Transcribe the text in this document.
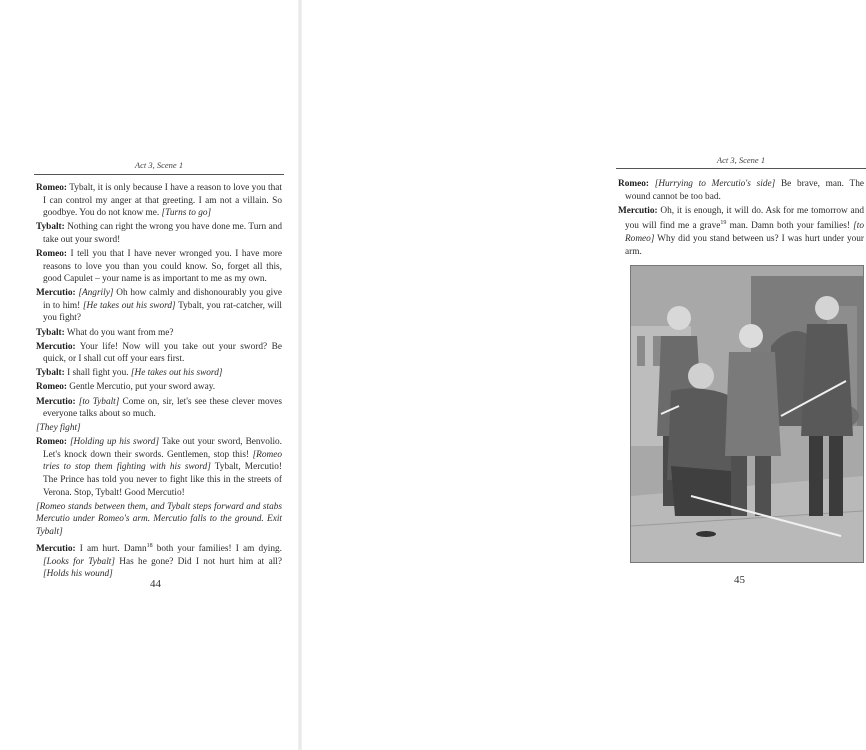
Act 3, Scene 1

Romeo: Tybalt, it is only because I have a reason to love you that I can control my anger at that greeting. I am not a villain. So goodbye. You do not know me. [Turns to go]

Tybalt: Nothing can right the wrong you have done me. Turn and take out your sword!

Romeo: I tell you that I have never wronged you. I have more reasons to love you than you could know. So, forget all this, good Capulet – your name is as important to me as my own.

Mercutio: [Angrily] Oh how calmly and dishonourably you give in to him! [He takes out his sword] Tybalt, you rat-catcher, will you fight?

Tybalt: What do you want from me?

Mercutio: Your life! Now will you take out your sword? Be quick, or I shall cut off your ears first.

Tybalt: I shall fight you. [He takes out his sword]

Romeo: Gentle Mercutio, put your sword away.

Mercutio: [to Tybalt] Come on, sir, let's see these clever moves everyone talks about so much.

[They fight]

Romeo: [Holding up his sword] Take out your sword, Benvolio. Let's knock down their swords. Gentlemen, stop this! [Romeo tries to stop them fighting with his sword] Tybalt, Mercutio! The Prince has told you never to fight like this in the streets of Verona. Stop, Tybalt! Good Mercutio!

[Romeo stands between them, and Tybalt steps forward and stabs Mercutio under Romeo's arm. Mercutio falls to the ground. Exit Tybalt]

Mercutio: I am hurt. Damn$^{18}$ both your families! I am dying. [Looks for Tybalt] Has he gone? Did I not hurt him at all? [Holds his wound]

44
Act 3, Scene 1

Romeo: [Hurrying to Mercutio's side] Be brave, man. The wound cannot be too bad.

Mercutio: Oh, it is enough, it will do. Ask for me tomorrow and you will find me a grave$^{19}$ man. Damn both your families! [to Romeo] Why did you stand between us? I was hurt under your arm.

45
